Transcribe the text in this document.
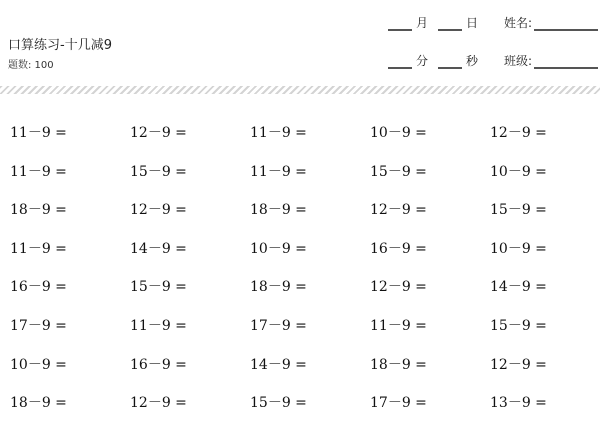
口算练习-十几减9
题数: 100
月	日
分	秒
姓名:
班级:
11－9 =	12－9 =	11－9 =	10－9 =	12－9 =
11－9 =	15－9 =	11－9 =	15－9 =	10－9 =
18－9 =	12－9 =	18－9 =	12－9 =	15－9 =
11－9 =	14－9 =	10－9 =	16－9 =	10－9 =
16－9 =	15－9 =	18－9 =	12－9 =	14－9 =
17－9 =	11－9 =	17－9 =	11－9 =	15－9 =
10－9 =	16－9 =	14－9 =	18－9 =	12－9 =
18－9 =	12－9 =	15－9 =	17－9 =	13－9 =
